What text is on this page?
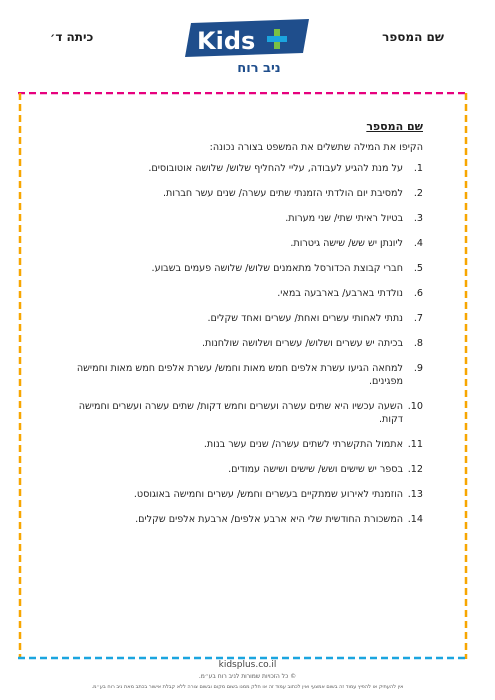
שם המספר
כיתה ד׳	Kids
ניב רוח
שם המספר
הקיפו את המילה שתשלים את המשפט בצורה נכונה:
1.
על מנת להגיע לעבודה, עליי להחליף שלוש/ שלושה אוטובוסים.
2.
למסיבת יום הולדתי הזמנתי שתים עשרה/ שנים עשר חברות.
3.
בטיול ראיתי שתי/ שני מערות.
4.
ליונתן יש שש/ שישה גיטרות.
5.
חברי קבוצת הכדורסל מתאמנים שלוש/ שלושה פעמים בשבוע.
6.
נולדתי בארבע/ בארבעה במאי.
7.
נתתי לאחותי עשרים ואחת/ עשרים ואחד שקלים.
8.
בכיתה יש עשרים ושלוש/ עשרים ושלושה שולחנות.
9.
למחאה הגיעו עשרת אלפים חמש מאות וחמש/ עשרת אלפים חמש מאות וחמישה מפגינים.
10.
השעה עכשיו היא שתים עשרה ועשרים וחמש דקות/ שתים עשרה ועשרים וחמישה דקות.
11.
אתמול התקשרתי לשתים עשרה/ שנים עשר בנות.
12.
בספר יש שישים ושש/ שישים ושישה עמודים.
13.
הוזמנתי לאירוע שמתקיים בעשרים וחמש/ עשרים וחמישה באוגוסט.
14.
המשכורת החודשית שלי היא ארבע אלפים/ ארבעת אלפים שקלים.
kidsplus.co.il
© כל הזכויות שמורות לניב רוח בע״מ.
אין להעתיק או להפיץ עמוד זה בשום אמצעי ואין לכתוב עמוד זה או חלק ממנו בשום מקום ובשום צורה ללא קבלת אישור בכתב מאת ניב רוח בע״מ.
